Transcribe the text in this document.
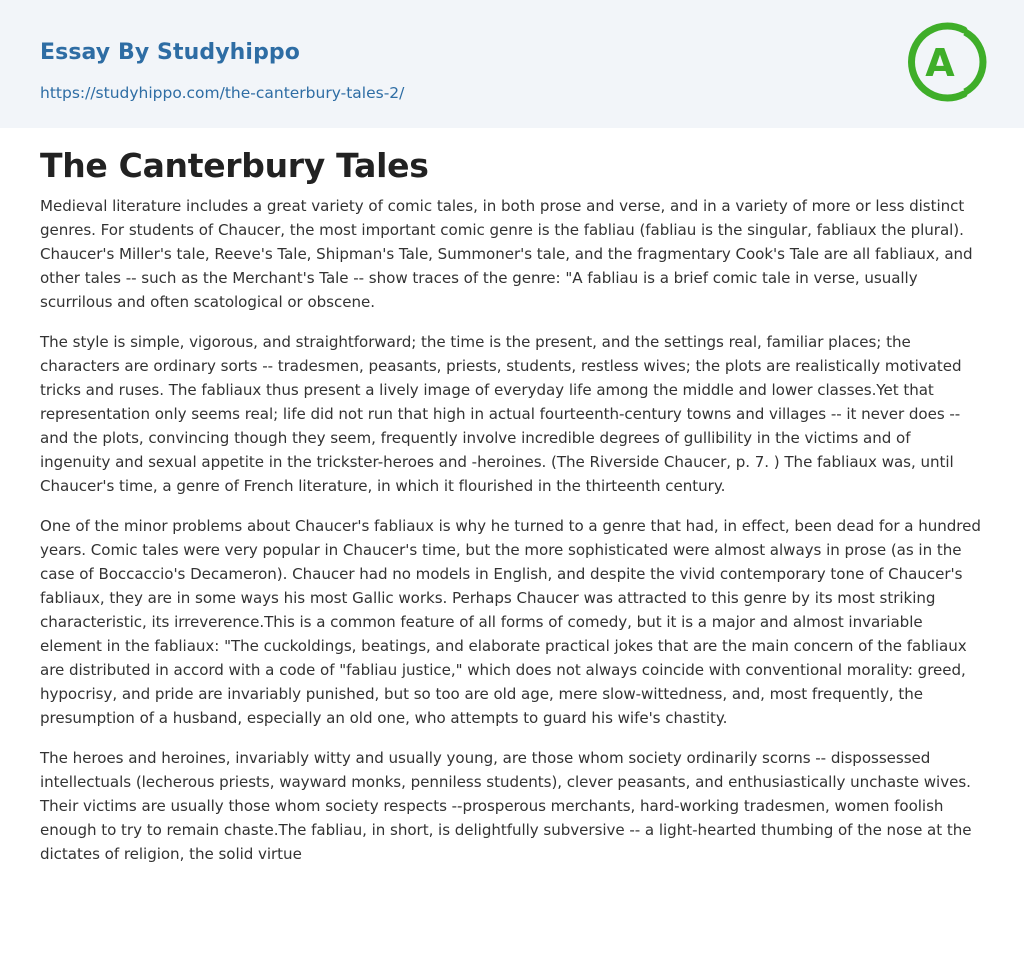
Essay By Studyhippo
https://studyhippo.com/the-canterbury-tales-2/
A
The Canterbury Tales

Medieval literature includes a great variety of comic tales, in both prose and verse, and in a variety of more or less distinct genres. For students of Chaucer, the most important comic genre is the fabliau (fabliau is the singular, fabliaux the plural). Chaucer's Miller's tale, Reeve's Tale, Shipman's Tale, Summoner's tale, and the fragmentary Cook's Tale are all fabliaux, and other tales -- such as the Merchant's Tale -- show traces of the genre: "A fabliau is a brief comic tale in verse, usually scurrilous and often scatological or obscene.

The style is simple, vigorous, and straightforward; the time is the present, and the settings real, familiar places; the characters are ordinary sorts -- tradesmen, peasants, priests, students, restless wives; the plots are realistically motivated tricks and ruses. The fabliaux thus present a lively image of everyday life among the middle and lower classes.Yet that representation only seems real; life did not run that high in actual fourteenth-century towns and villages -- it never does -- and the plots, convincing though they seem, frequently involve incredible degrees of gullibility in the victims and of ingenuity and sexual appetite in the trickster-heroes and -heroines. (The Riverside Chaucer, p. 7. ) The fabliaux was, until Chaucer's time, a genre of French literature, in which it flourished in the thirteenth century.

One of the minor problems about Chaucer's fabliaux is why he turned to a genre that had, in effect, been dead for a hundred years. Comic tales were very popular in Chaucer's time, but the more sophisticated were almost always in prose (as in the case of Boccaccio's Decameron). Chaucer had no models in English, and despite the vivid contemporary tone of Chaucer's fabliaux, they are in some ways his most Gallic works. Perhaps Chaucer was attracted to this genre by its most striking characteristic, its irreverence.This is a common feature of all forms of comedy, but it is a major and almost invariable element in the fabliaux: "The cuckoldings, beatings, and elaborate practical jokes that are the main concern of the fabliaux are distributed in accord with a code of "fabliau justice," which does not always coincide with conventional morality: greed, hypocrisy, and pride are invariably punished, but so too are old age, mere slow-wittedness, and, most frequently, the presumption of a husband, especially an old one, who attempts to guard his wife's chastity.

The heroes and heroines, invariably witty and usually young, are those whom society ordinarily scorns -- dispossessed intellectuals (lecherous priests, wayward monks, penniless students), clever peasants, and enthusiastically unchaste wives. Their victims are usually those whom society respects --prosperous merchants, hard-working tradesmen, women foolish enough to try to remain chaste.The fabliau, in short, is delightfully subversive -- a light-hearted thumbing of the nose at the dictates of religion, the solid virtue
